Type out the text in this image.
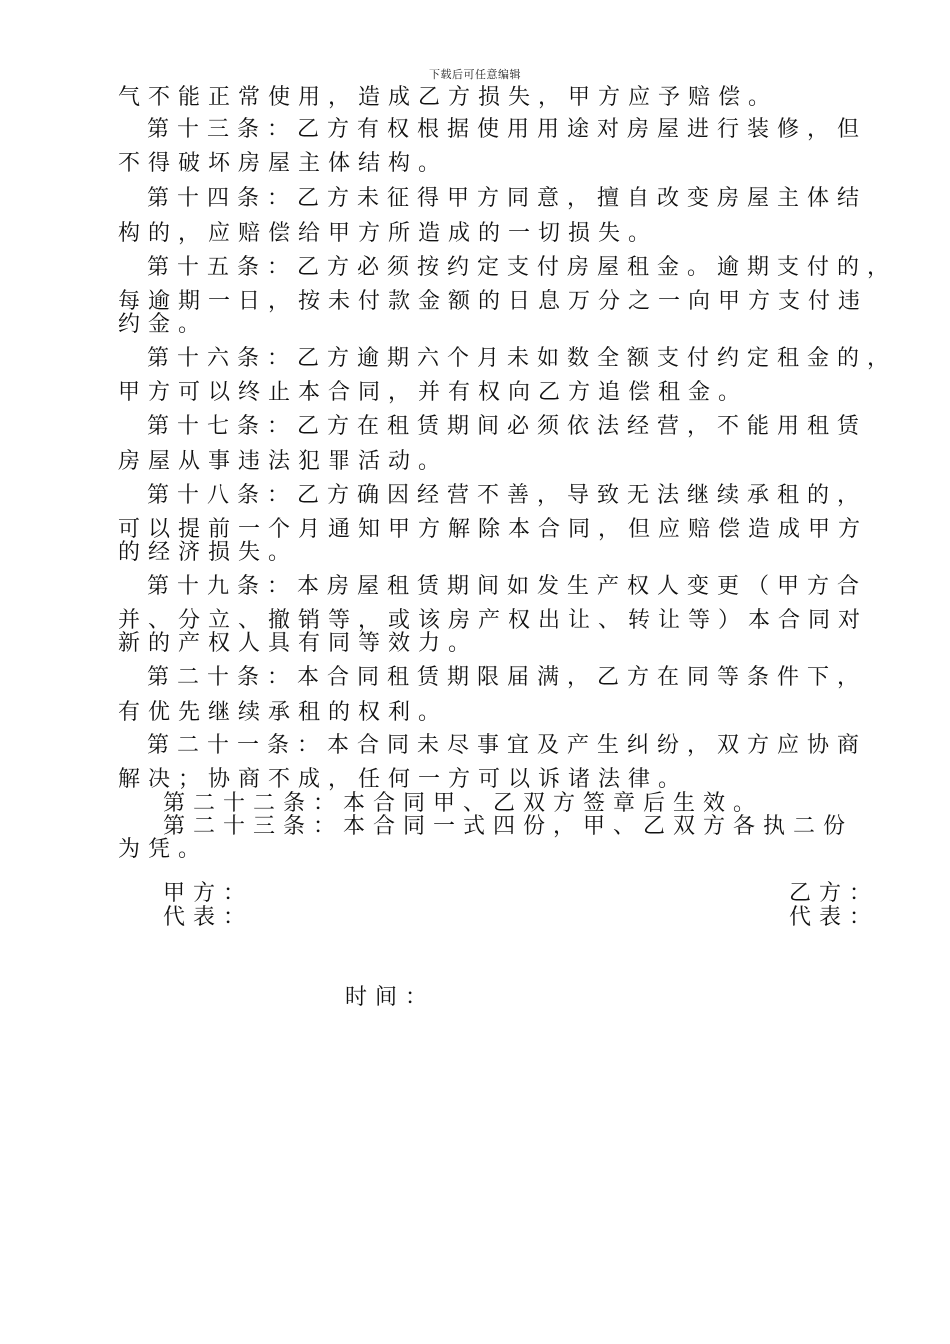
下载后可任意编辑
气不能正常使用，造成乙方损失，甲方应予赔偿。
第十三条：乙方有权根据使用用途对房屋进行装修，但
不得破坏房屋主体结构。
第十四条：乙方未征得甲方同意，擅自改变房屋主体结
构的，应赔偿给甲方所造成的一切损失。
第十五条：乙方必须按约定支付房屋租金。逾期支付的，
每逾期一日，按未付款金额的日息万分之一向甲方支付违
约金。
第十六条：乙方逾期六个月未如数全额支付约定租金的，
甲方可以终止本合同，并有权向乙方追偿租金。
第十七条：乙方在租赁期间必须依法经营，不能用租赁
房屋从事违法犯罪活动。
第十八条：乙方确因经营不善，导致无法继续承租的，
可以提前一个月通知甲方解除本合同，但应赔偿造成甲方
的经济损失。
第十九条：本房屋租赁期间如发生产权人变更（甲方合
并、分立、撤销等，或该房产权出让、转让等）本合同对
新的产权人具有同等效力。
第二十条：本合同租赁期限届满，乙方在同等条件下，
有优先继续承租的权利。
第二十一条：本合同未尽事宜及产生纠纷，双方应协商
解决；协商不成，任何一方可以诉诸法律。
第二十二条：本合同甲、乙双方签章后生效。
第二十三条：本合同一式四份，甲、乙双方各执二份
为凭。
甲方：
代表：
乙方：
代表：
时间：
